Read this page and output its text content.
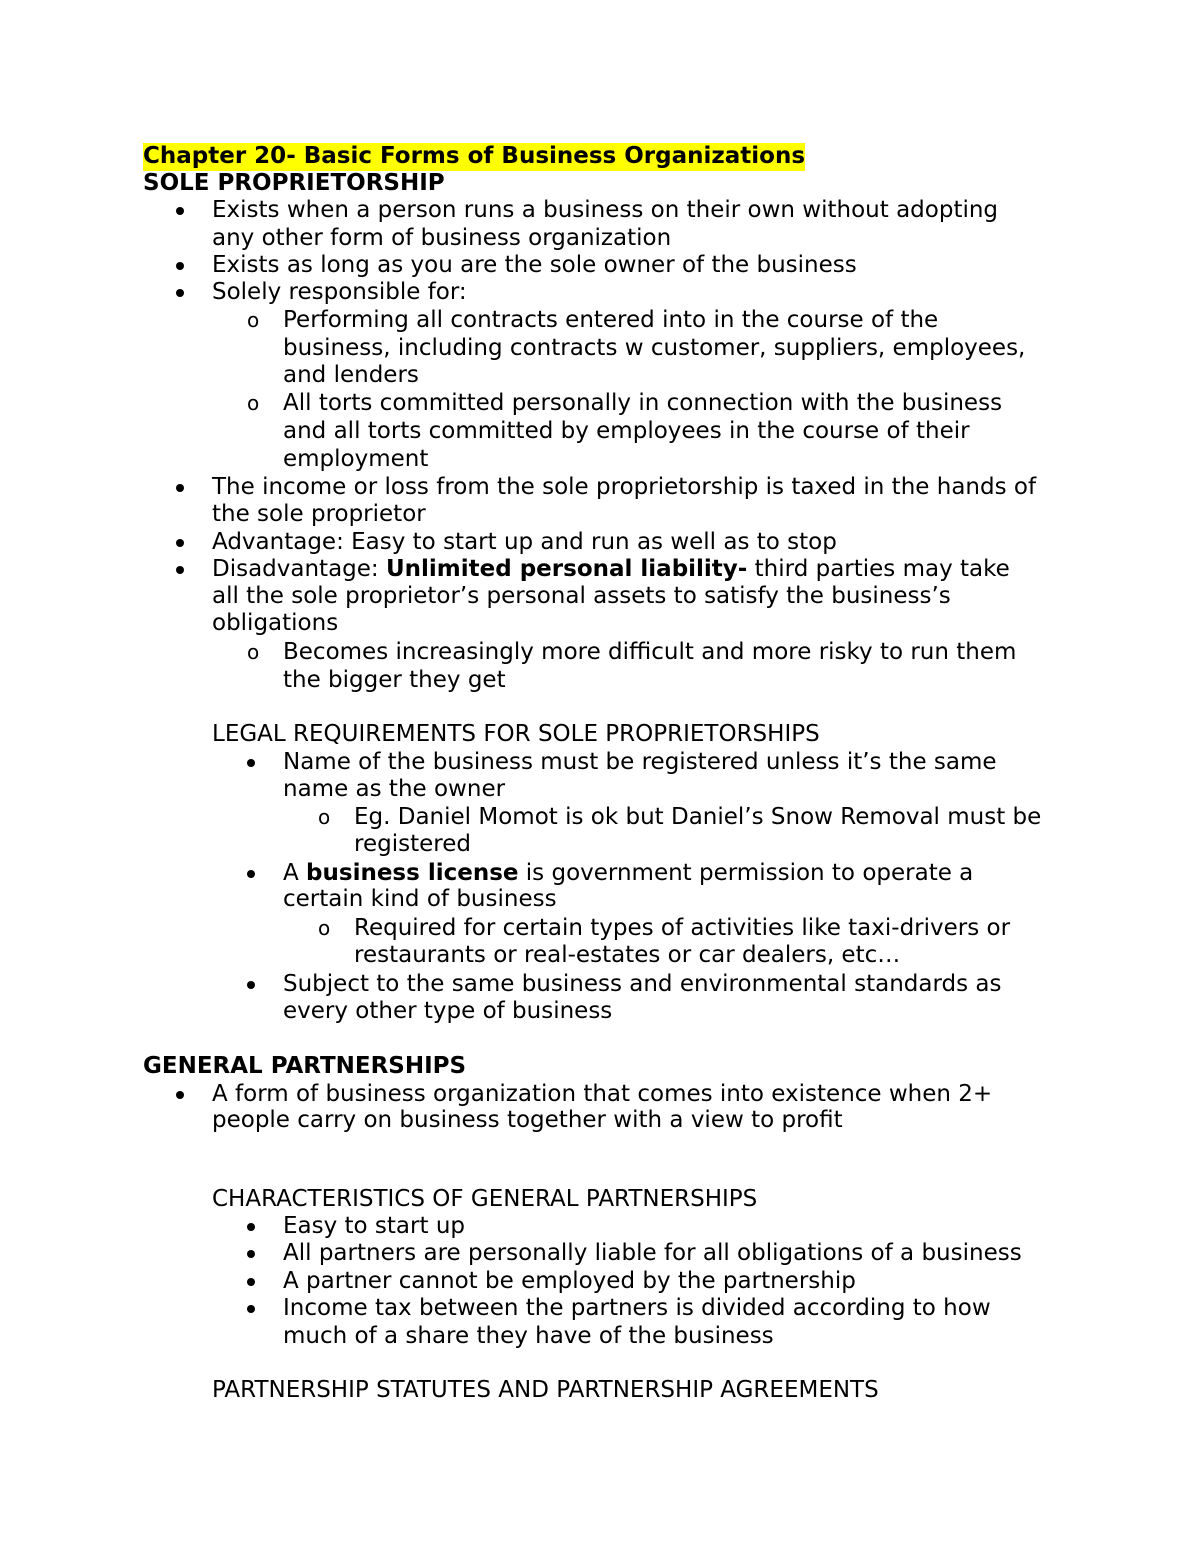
Chapter 20- Basic Forms of Business Organizations
SOLE PROPRIETORSHIP
Exists when a person runs a business on their own without adopting
any other form of business organization
Exists as long as you are the sole owner of the business
Solely responsible for:
o Performing all contracts entered into in the course of the
business, including contracts w customer, suppliers, employees,
and lenders
o All torts committed personally in connection with the business
and all torts committed by employees in the course of their
employment
The income or loss from the sole proprietorship is taxed in the hands of
the sole proprietor
Advantage: Easy to start up and run as well as to stop
Disadvantage: Unlimited personal liability- third parties may take
all the sole proprietor’s personal assets to satisfy the business’s
obligations
o Becomes increasingly more difficult and more risky to run them
the bigger they get
LEGAL REQUIREMENTS FOR SOLE PROPRIETORSHIPS
Name of the business must be registered unless it’s the same
name as the owner
o Eg. Daniel Momot is ok but Daniel’s Snow Removal must be
registered
A business license is government permission to operate a
certain kind of business
o Required for certain types of activities like taxi-drivers or
restaurants or real-estates or car dealers, etc…
Subject to the same business and environmental standards as
every other type of business
GENERAL PARTNERSHIPS
A form of business organization that comes into existence when 2+
people carry on business together with a view to profit
CHARACTERISTICS OF GENERAL PARTNERSHIPS
Easy to start up
All partners are personally liable for all obligations of a business
A partner cannot be employed by the partnership
Income tax between the partners is divided according to how
much of a share they have of the business
PARTNERSHIP STATUTES AND PARTNERSHIP AGREEMENTS
